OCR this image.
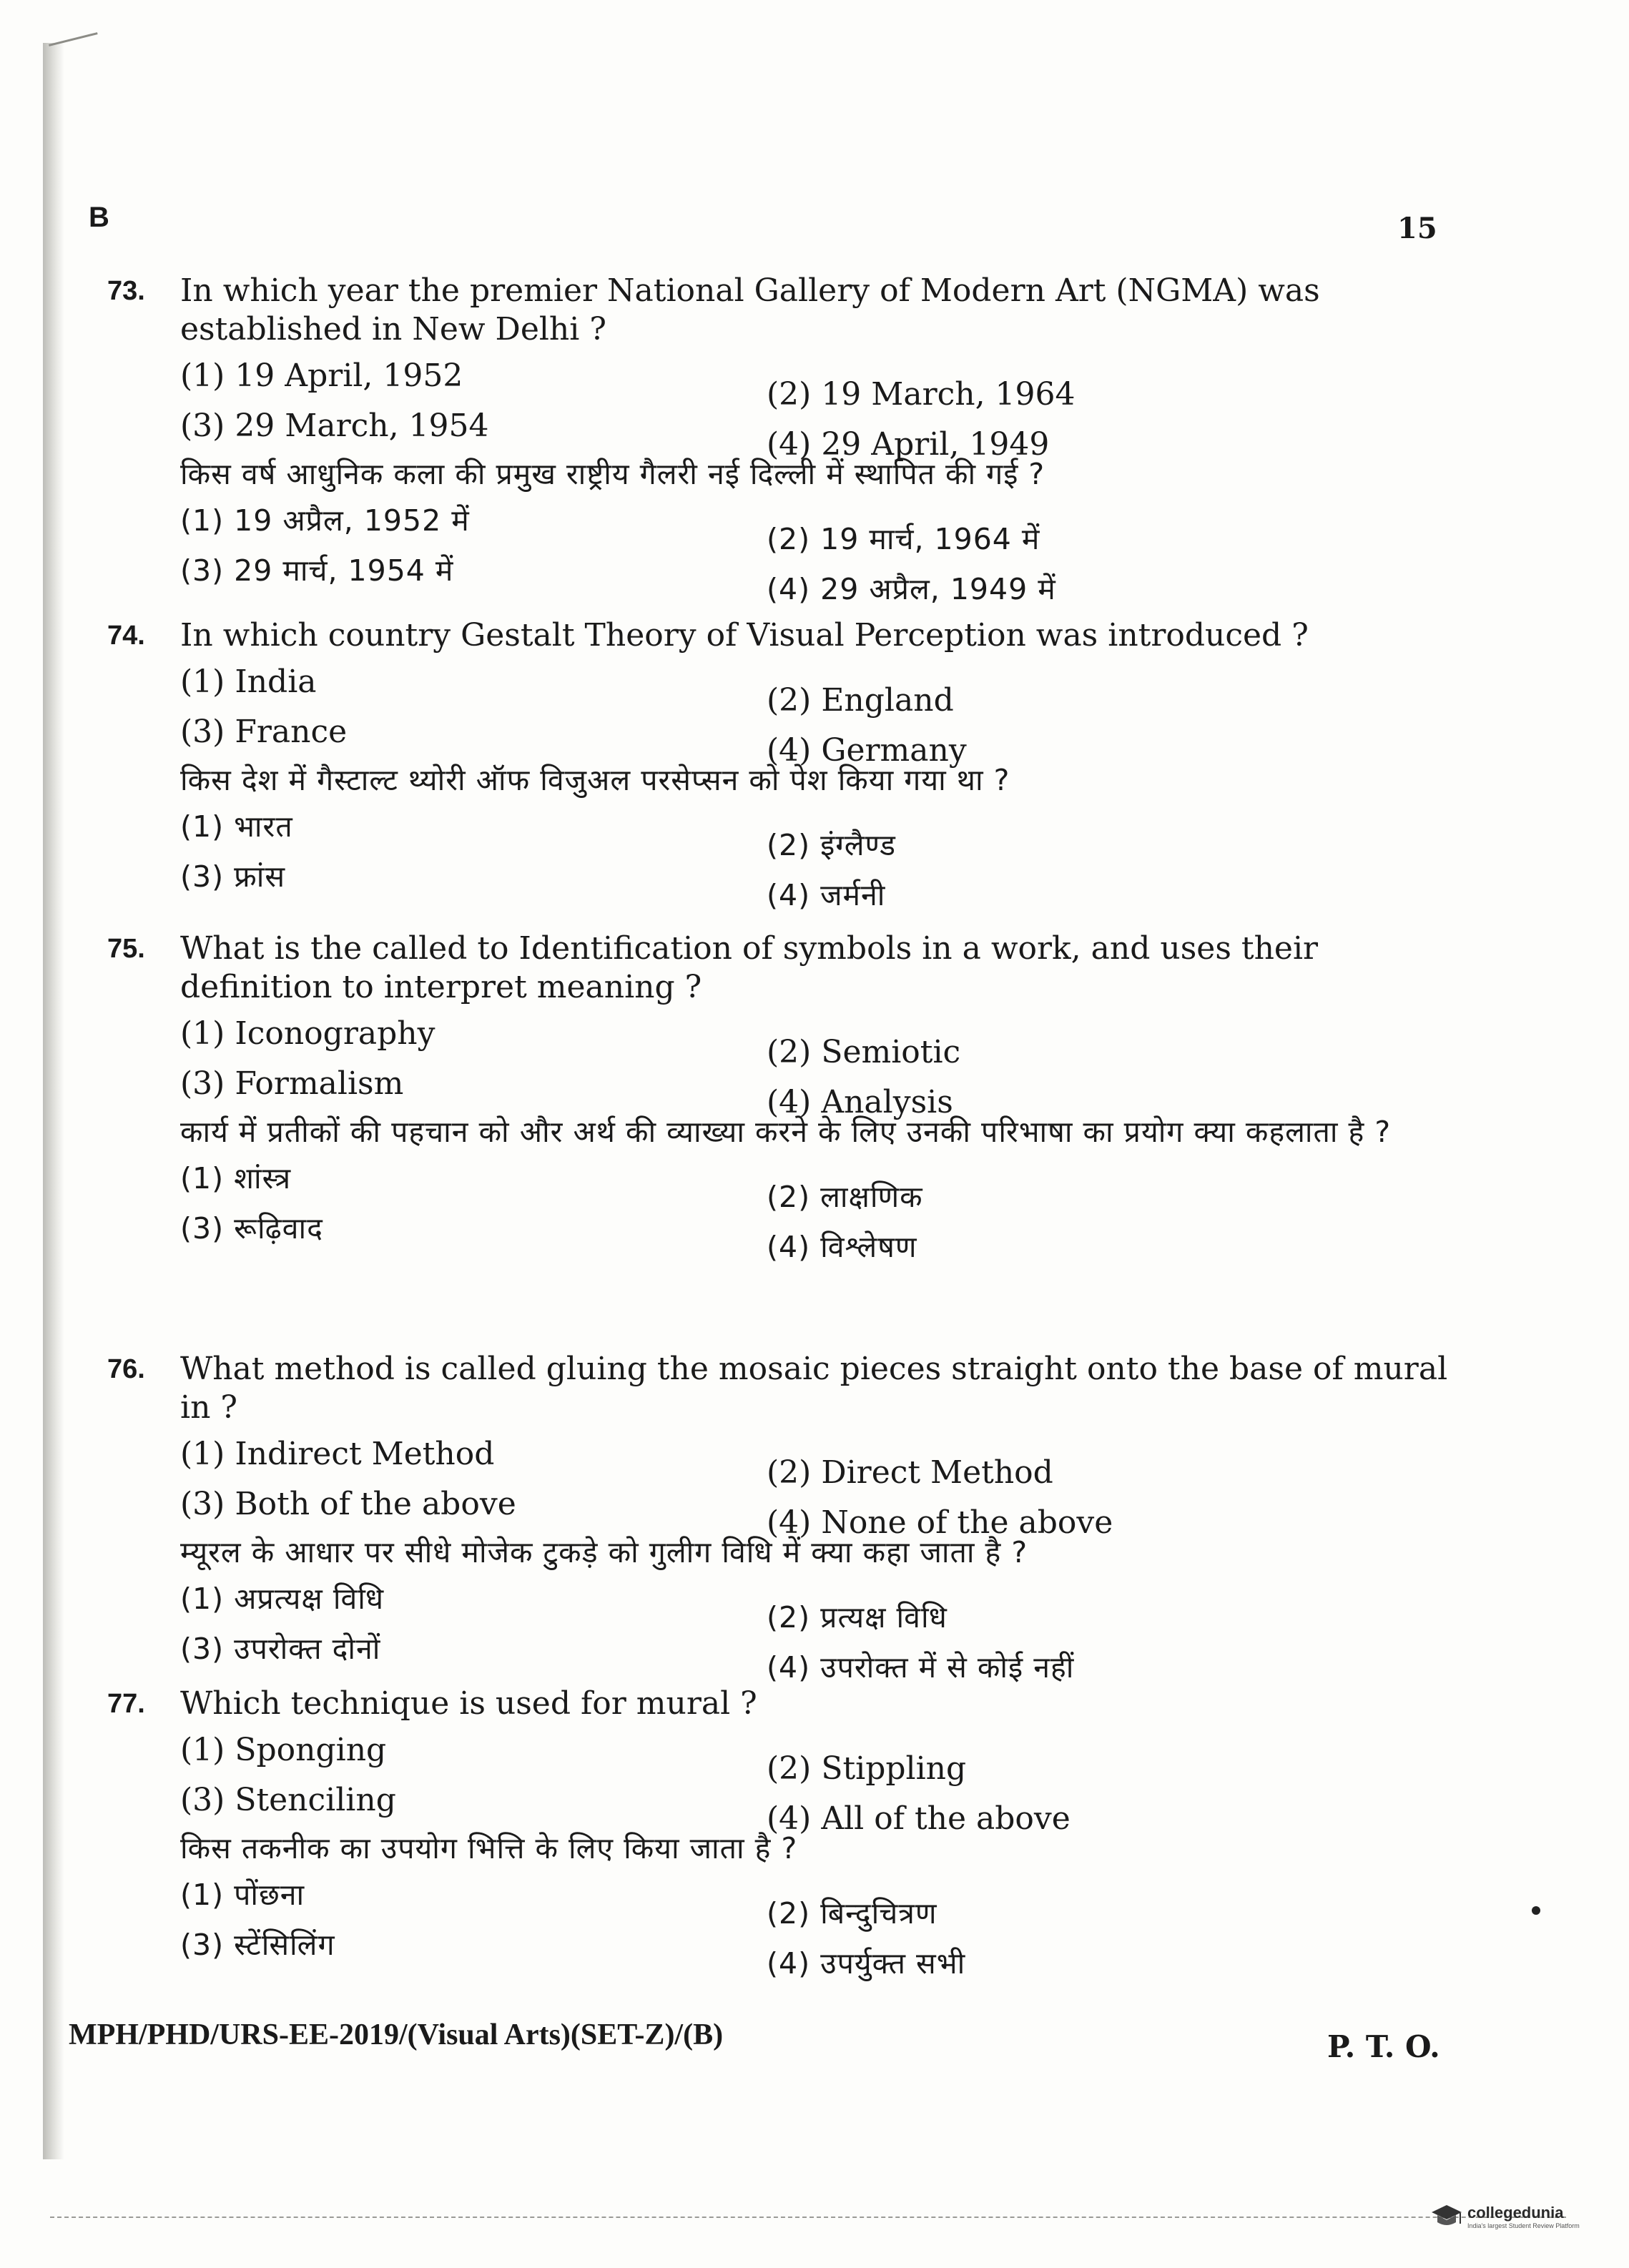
B	15
73. In which year the premier National Gallery of Modern Art (NGMA) was established in New Delhi ?
(1) 19 April, 1952
(2) 19 March, 1964
(3) 29 March, 1954
(4) 29 April, 1949
किस वर्ष आधुनिक कला की प्रमुख राष्ट्रीय गैलरी नई दिल्ली में स्थापित की गई ?
(1) 19 अप्रैल, 1952 में
(2) 19 मार्च, 1964 में
(3) 29 मार्च, 1954 में
(4) 29 अप्रैल, 1949 में
74. In which country Gestalt Theory of Visual Perception was introduced ?
(1) India
(2) England
(3) France
(4) Germany
किस देश में गैस्टाल्ट थ्योरी ऑफ विजुअल परसेप्सन को पेश किया गया था ?
(1) भारत
(2) इंग्लैण्ड
(3) फ्रांस
(4) जर्मनी
75. What is the called to Identification of symbols in a work, and uses their definition to interpret meaning ?
(1) Iconography
(2) Semiotic
(3) Formalism
(4) Analysis
कार्य में प्रतीकों की पहचान को और अर्थ की व्याख्या करने के लिए उनकी परिभाषा का प्रयोग क्या कहलाता है ?
(1) शांस्त्र
(2) लाक्षणिक
(3) रूढ़िवाद
(4) विश्लेषण
76. What method is called gluing the mosaic pieces straight onto the base of mural in ?
(1) Indirect Method
(2) Direct Method
(3) Both of the above
(4) None of the above
म्यूरल के आधार पर सीधे मोजेक टुकड़े को गुलीग विधि में क्या कहा जाता है ?
(1) अप्रत्यक्ष विधि
(2) प्रत्यक्ष विधि
(3) उपरोक्त दोनों
(4) उपरोक्त में से कोई नहीं
77. Which technique is used for mural ?
(1) Sponging
(2) Stippling
(3) Stenciling
(4) All of the above
किस तकनीक का उपयोग भित्ति के लिए किया जाता है ?
(1) पोंछना
(2) बिन्दुचित्रण
(3) स्टेंसिलिंग
(4) उपर्युक्त सभी
MPH/PHD/URS-EE-2019/(Visual Arts)(SET-Z)/(B)	P. T. O.
collegedunia
India's largest Student Review Platform
